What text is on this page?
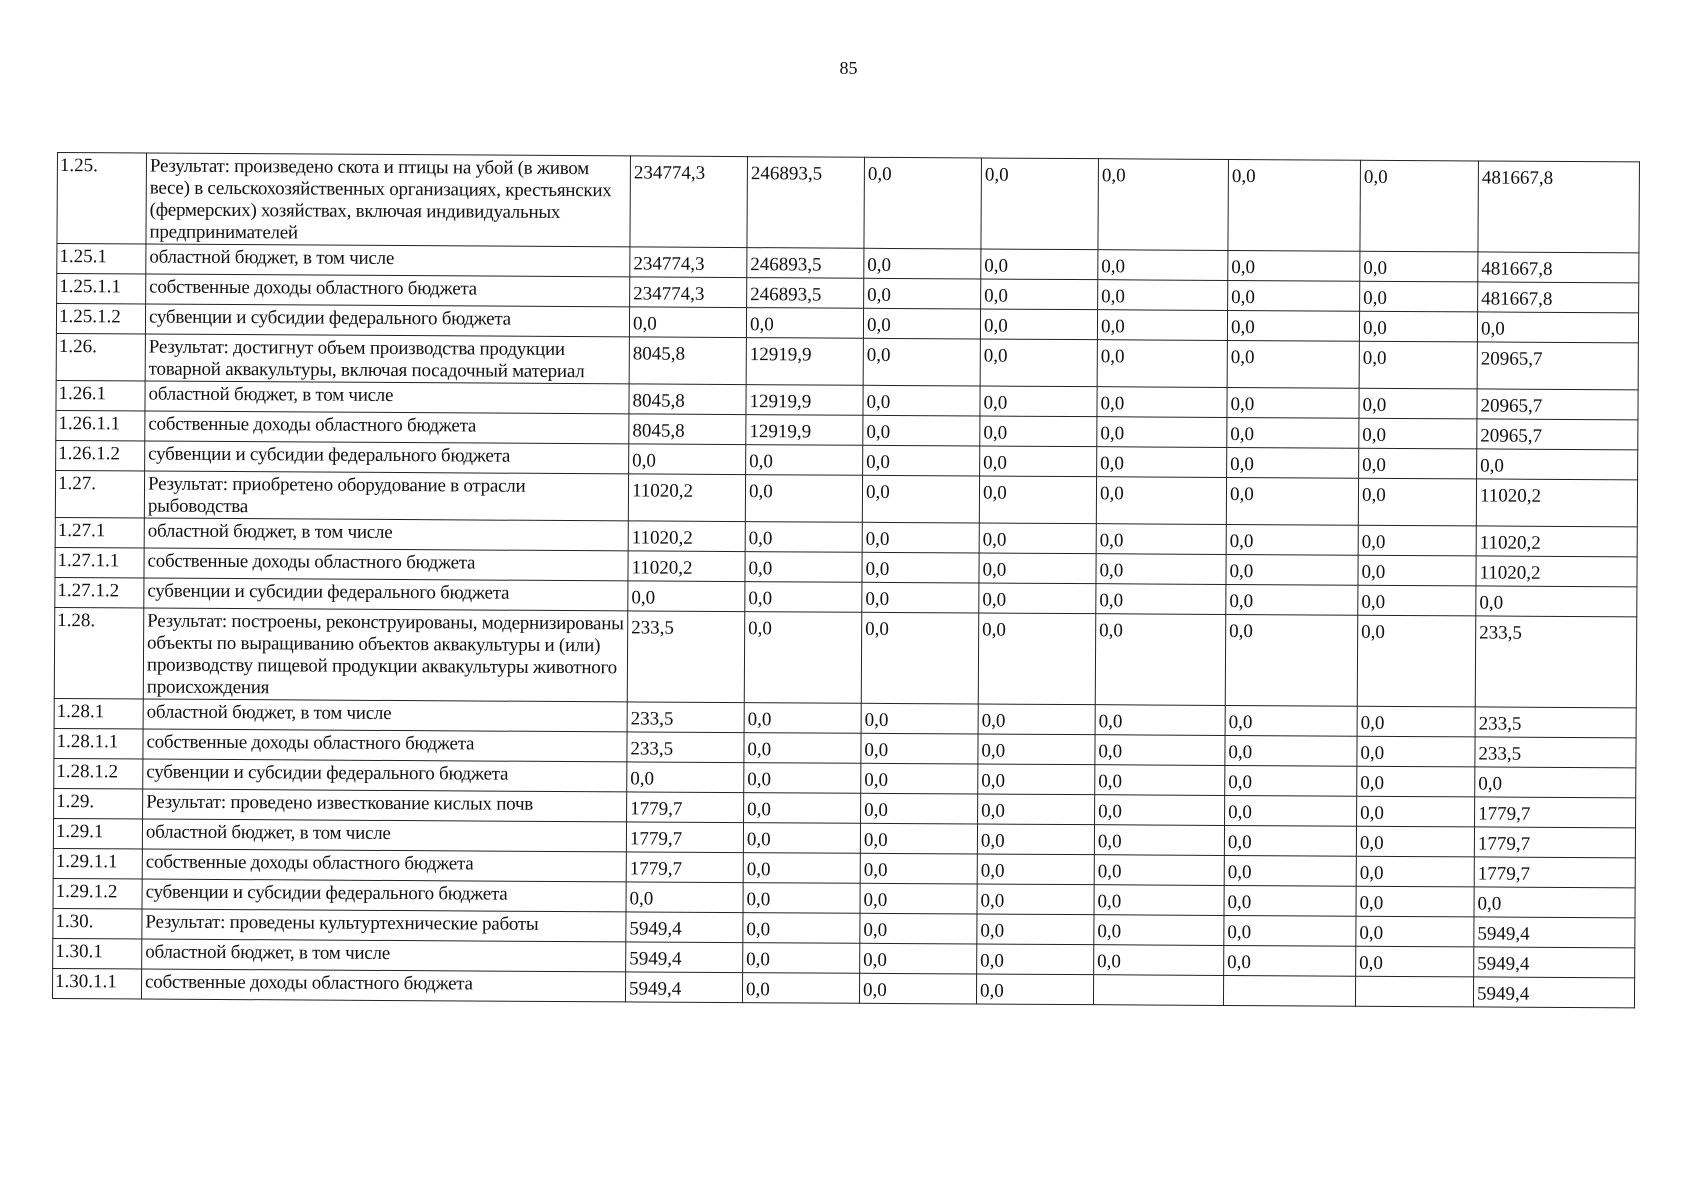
85
1.25.	Результат: произведено скота и птицы на убой (в живом весе) в сельскохозяйственных организациях, крестьянских (фермерских) хозяйствах, включая индивидуальных предпринимателей	234774,3	246893,5	0,0	0,0	0,0	0,0	0,0	481667,8
1.25.1	областной бюджет, в том числе	234774,3	246893,5	0,0	0,0	0,0	0,0	0,0	481667,8
1.25.1.1	собственные доходы областного бюджета	234774,3	246893,5	0,0	0,0	0,0	0,0	0,0	481667,8
1.25.1.2	субвенции и субсидии федерального бюджета	0,0	0,0	0,0	0,0	0,0	0,0	0,0	0,0
1.26.	Результат: достигнут объем производства продукции товарной аквакультуры, включая посадочный материал	8045,8	12919,9	0,0	0,0	0,0	0,0	0,0	20965,7
1.26.1	областной бюджет, в том числе	8045,8	12919,9	0,0	0,0	0,0	0,0	0,0	20965,7
1.26.1.1	собственные доходы областного бюджета	8045,8	12919,9	0,0	0,0	0,0	0,0	0,0	20965,7
1.26.1.2	субвенции и субсидии федерального бюджета	0,0	0,0	0,0	0,0	0,0	0,0	0,0	0,0
1.27.	Результат: приобретено оборудование в отрасли рыбоводства	11020,2	0,0	0,0	0,0	0,0	0,0	0,0	11020,2
1.27.1	областной бюджет, в том числе	11020,2	0,0	0,0	0,0	0,0	0,0	0,0	11020,2
1.27.1.1	собственные доходы областного бюджета	11020,2	0,0	0,0	0,0	0,0	0,0	0,0	11020,2
1.27.1.2	субвенции и субсидии федерального бюджета	0,0	0,0	0,0	0,0	0,0	0,0	0,0	0,0
1.28.	Результат: построены, реконструированы, модернизированы объекты по выращиванию объектов аквакультуры и (или) производству пищевой продукции аквакультуры животного происхождения	233,5	0,0	0,0	0,0	0,0	0,0	0,0	233,5
1.28.1	областной бюджет, в том числе	233,5	0,0	0,0	0,0	0,0	0,0	0,0	233,5
1.28.1.1	собственные доходы областного бюджета	233,5	0,0	0,0	0,0	0,0	0,0	0,0	233,5
1.28.1.2	субвенции и субсидии федерального бюджета	0,0	0,0	0,0	0,0	0,0	0,0	0,0	0,0
1.29.	Результат: проведено известкование кислых почв	1779,7	0,0	0,0	0,0	0,0	0,0	0,0	1779,7
1.29.1	областной бюджет, в том числе	1779,7	0,0	0,0	0,0	0,0	0,0	0,0	1779,7
1.29.1.1	собственные доходы областного бюджета	1779,7	0,0	0,0	0,0	0,0	0,0	0,0	1779,7
1.29.1.2	субвенции и субсидии федерального бюджета	0,0	0,0	0,0	0,0	0,0	0,0	0,0	0,0
1.30.	Результат: проведены культуртехнические работы	5949,4	0,0	0,0	0,0	0,0	0,0	0,0	5949,4
1.30.1	областной бюджет, в том числе	5949,4	0,0	0,0	0,0	0,0	0,0	0,0	5949,4
1.30.1.1	собственные доходы областного бюджета	5949,4	0,0	0,0	0,0				5949,4
